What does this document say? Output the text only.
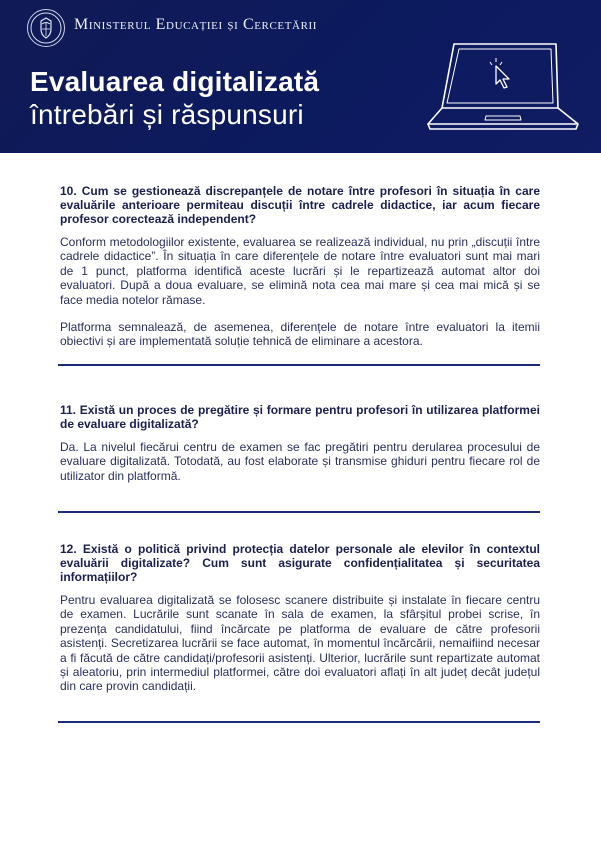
Ministerul Educației și Cercetării
Evaluarea digitalizată
întrebări și răspunsuri

10. Cum se gestionează discrepanțele de notare între profesori în situația în care evaluările anterioare permiteau discuții între cadrele didactice, iar acum fiecare profesor corectează independent?

Conform metodologiilor existente, evaluarea se realizează individual, nu prin „discuții între cadrele didactice”. În situația în care diferențele de notare între evaluatori sunt mai mari de 1 punct, platforma identifică aceste lucrări și le repartizează automat altor doi evaluatori. După a doua evaluare, se elimină nota cea mai mare și cea mai mică și se face media notelor rămase.

Platforma semnalează, de asemenea, diferențele de notare între evaluatori la itemii obiectivi și are implementată soluție tehnică de eliminare a acestora.

11. Există un proces de pregătire și formare pentru profesori în utilizarea platformei de evaluare digitalizată?

Da. La nivelul fiecărui centru de examen se fac pregătiri pentru derularea procesului de evaluare digitalizată. Totodată, au fost elaborate și transmise ghiduri pentru fiecare rol de utilizator din platformă.

12. Există o politică privind protecția datelor personale ale elevilor în contextul evaluării digitalizate? Cum sunt asigurate confidențialitatea și securitatea informațiilor?

Pentru evaluarea digitalizată se folosesc scanere distribuite și instalate în fiecare centru de examen. Lucrările sunt scanate în sala de examen, la sfârșitul probei scrise, în prezența candidatului, fiind încărcate pe platforma de evaluare de către profesorii asistenți. Secretizarea lucrării se face automat, în momentul încărcării, nemaifiind necesar a fi făcută de către candidați/profesorii asistenți. Ulterior, lucrările sunt repartizate automat și aleatoriu, prin intermediul platformei, către doi evaluatori aflați în alt județ decât județul din care provin candidații.
